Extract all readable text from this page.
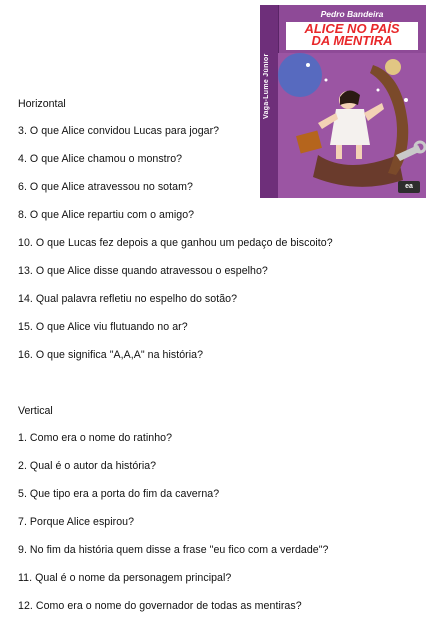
Vaga-Lume Júnior
Pedro Bandeira
ALICE NO PAÍS
DA MENTIRA
ea
Horizontal
3. O que Alice convidou Lucas para jogar?
4. O que Alice chamou o monstro?
6. O que Alice atravessou no sotam?
8. O que Alice repartiu com o amigo?
10. O que Lucas fez depois a que ganhou um pedaço de biscoito?
13. O que Alice disse quando atravessou o espelho?
14. Qual palavra refletiu no espelho do sotão?
15. O que Alice viu flutuando no ar?
16. O que significa "A,A,A" na história?
Vertical
1. Como era o nome do ratinho?
2. Qual é o autor da história?
5. Que tipo era a porta do fim da caverna?
7. Porque Alice espirou?
9. No fim da história quem disse a frase "eu fico com a verdade"?
11. Qual é o nome da personagem principal?
12. Como era o nome do governador de todas as mentiras?
